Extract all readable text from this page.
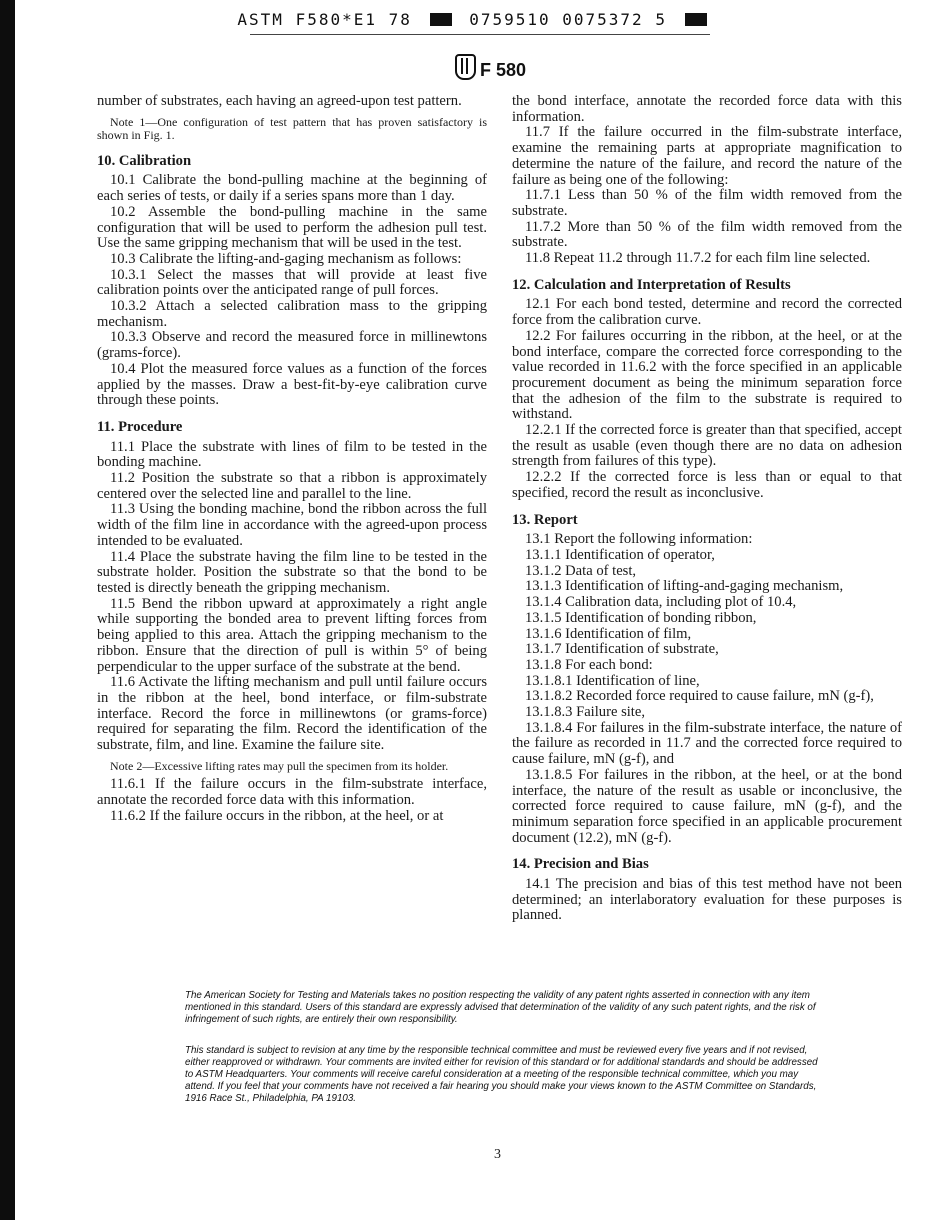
ASTM F580*E1 78	0759510 0075372 5
F 580

number of substrates, each having an agreed-upon test pattern.

Note 1—One configuration of test pattern that has proven satisfactory is shown in Fig. 1.

10. Calibration

10.1 Calibrate the bond-pulling machine at the beginning of each series of tests, or daily if a series spans more than 1 day.

10.2 Assemble the bond-pulling machine in the same configuration that will be used to perform the adhesion pull test. Use the same gripping mechanism that will be used in the test.

10.3 Calibrate the lifting-and-gaging mechanism as follows:

10.3.1 Select the masses that will provide at least five calibration points over the anticipated range of pull forces.

10.3.2 Attach a selected calibration mass to the gripping mechanism.

10.3.3 Observe and record the measured force in millinewtons (grams-force).

10.4 Plot the measured force values as a function of the forces applied by the masses. Draw a best-fit-by-eye calibration curve through these points.

11. Procedure

11.1 Place the substrate with lines of film to be tested in the bonding machine.

11.2 Position the substrate so that a ribbon is approximately centered over the selected line and parallel to the line.

11.3 Using the bonding machine, bond the ribbon across the full width of the film line in accordance with the agreed-upon process intended to be evaluated.

11.4 Place the substrate having the film line to be tested in the substrate holder. Position the substrate so that the bond to be tested is directly beneath the gripping mechanism.

11.5 Bend the ribbon upward at approximately a right angle while supporting the bonded area to prevent lifting forces from being applied to this area. Attach the gripping mechanism to the ribbon. Ensure that the direction of pull is within 5° of being perpendicular to the upper surface of the substrate at the bend.

11.6 Activate the lifting mechanism and pull until failure occurs in the ribbon at the heel, bond interface, or film-substrate interface. Record the force in millinewtons (or grams-force) required for separating the film. Record the identification of the substrate, film, and line. Examine the failure site.

Note 2—Excessive lifting rates may pull the specimen from its holder.

11.6.1 If the failure occurs in the film-substrate interface, annotate the recorded force data with this information.

11.6.2 If the failure occurs in the ribbon, at the heel, or at

the bond interface, annotate the recorded force data with this information.

11.7 If the failure occurred in the film-substrate interface, examine the remaining parts at appropriate magnification to determine the nature of the failure, and record the nature of the failure as being one of the following:

11.7.1 Less than 50 % of the film width removed from the substrate.

11.7.2 More than 50 % of the film width removed from the substrate.

11.8 Repeat 11.2 through 11.7.2 for each film line selected.

12. Calculation and Interpretation of Results

12.1 For each bond tested, determine and record the corrected force from the calibration curve.

12.2 For failures occurring in the ribbon, at the heel, or at the bond interface, compare the corrected force corresponding to the value recorded in 11.6.2 with the force specified in an applicable procurement document as being the minimum separation force that the adhesion of the film to the substrate is required to withstand.

12.2.1 If the corrected force is greater than that specified, accept the result as usable (even though there are no data on adhesion strength from failures of this type).

12.2.2 If the corrected force is less than or equal to that specified, record the result as inconclusive.

13. Report

13.1 Report the following information:

13.1.1 Identification of operator,

13.1.2 Data of test,

13.1.3 Identification of lifting-and-gaging mechanism,

13.1.4 Calibration data, including plot of 10.4,

13.1.5 Identification of bonding ribbon,

13.1.6 Identification of film,

13.1.7 Identification of substrate,

13.1.8 For each bond:

13.1.8.1 Identification of line,

13.1.8.2 Recorded force required to cause failure, mN (g-f),

13.1.8.3 Failure site,

13.1.8.4 For failures in the film-substrate interface, the nature of the failure as recorded in 11.7 and the corrected force required to cause failure, mN (g-f), and

13.1.8.5 For failures in the ribbon, at the heel, or at the bond interface, the nature of the result as usable or inconclusive, the corrected force required to cause failure, mN (g-f), and the minimum separation force specified in an applicable procurement document (12.2), mN (g-f).

14. Precision and Bias

14.1 The precision and bias of this test method have not been determined; an interlaboratory evaluation for these purposes is planned.

The American Society for Testing and Materials takes no position respecting the validity of any patent rights asserted in connection with any item mentioned in this standard. Users of this standard are expressly advised that determination of the validity of any such patent rights, and the risk of infringement of such rights, are entirely their own responsibility.
This standard is subject to revision at any time by the responsible technical committee and must be reviewed every five years and if not revised, either reapproved or withdrawn. Your comments are invited either for revision of this standard or for additional standards and should be addressed to ASTM Headquarters. Your comments will receive careful consideration at a meeting of the responsible technical committee, which you may attend. If you feel that your comments have not received a fair hearing you should make your views known to the ASTM Committee on Standards, 1916 Race St., Philadelphia, PA 19103.
3
